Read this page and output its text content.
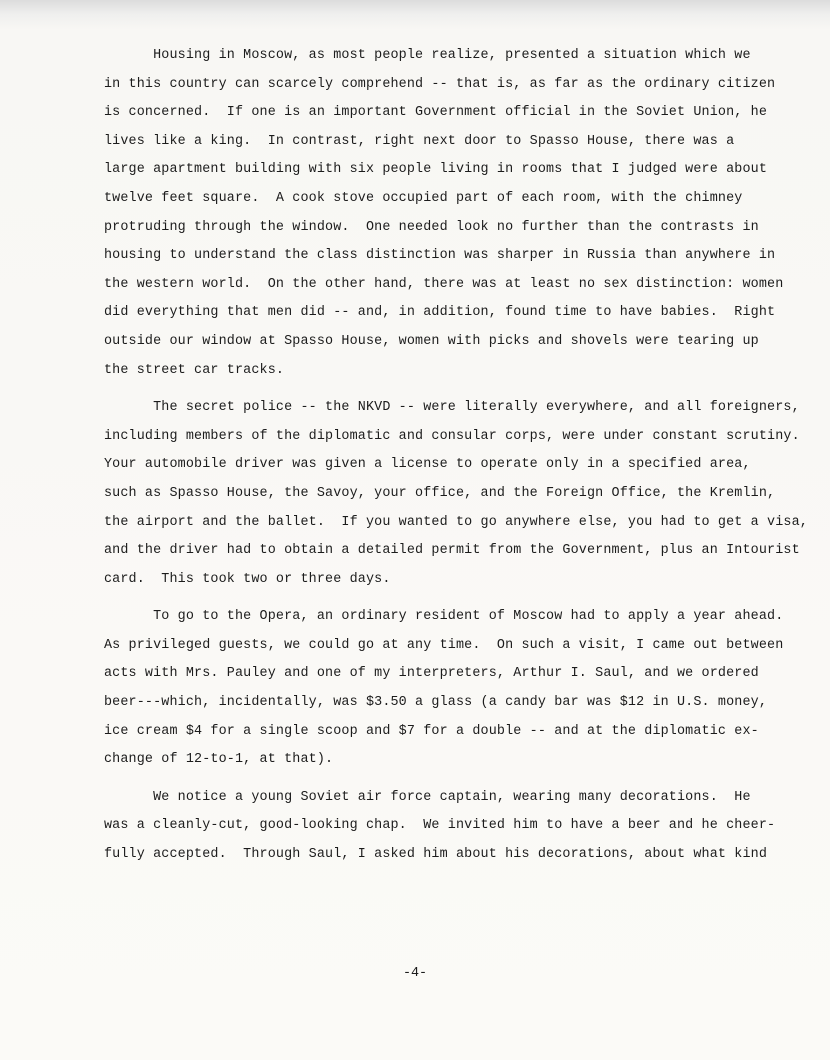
Housing in Moscow, as most people realize, presented a situation which we
in this country can scarcely comprehend -- that is, as far as the ordinary citizen
is concerned.  If one is an important Government official in the Soviet Union, he
lives like a king.  In contrast, right next door to Spasso House, there was a
large apartment building with six people living in rooms that I judged were about
twelve feet square.  A cook stove occupied part of each room, with the chimney
protruding through the window.  One needed look no further than the contrasts in
housing to understand the class distinction was sharper in Russia than anywhere in
the western world.  On the other hand, there was at least no sex distinction: women
did everything that men did -- and, in addition, found time to have babies.  Right
outside our window at Spasso House, women with picks and shovels were tearing up
the street car tracks.
The secret police -- the NKVD -- were literally everywhere, and all foreigners,
including members of the diplomatic and consular corps, were under constant scrutiny.
Your automobile driver was given a license to operate only in a specified area,
such as Spasso House, the Savoy, your office, and the Foreign Office, the Kremlin,
the airport and the ballet.  If you wanted to go anywhere else, you had to get a visa,
and the driver had to obtain a detailed permit from the Government, plus an Intourist
card.  This took two or three days.
To go to the Opera, an ordinary resident of Moscow had to apply a year ahead.
As privileged guests, we could go at any time.  On such a visit, I came out between
acts with Mrs. Pauley and one of my interpreters, Arthur I. Saul, and we ordered
beer---which, incidentally, was $3.50 a glass (a candy bar was $12 in U.S. money,
ice cream $4 for a single scoop and $7 for a double -- and at the diplomatic ex-
change of 12-to-1, at that).
We notice a young Soviet air force captain, wearing many decorations.  He
was a cleanly-cut, good-looking chap.  We invited him to have a beer and he cheer-
fully accepted.  Through Saul, I asked him about his decorations, about what kind
-4-
